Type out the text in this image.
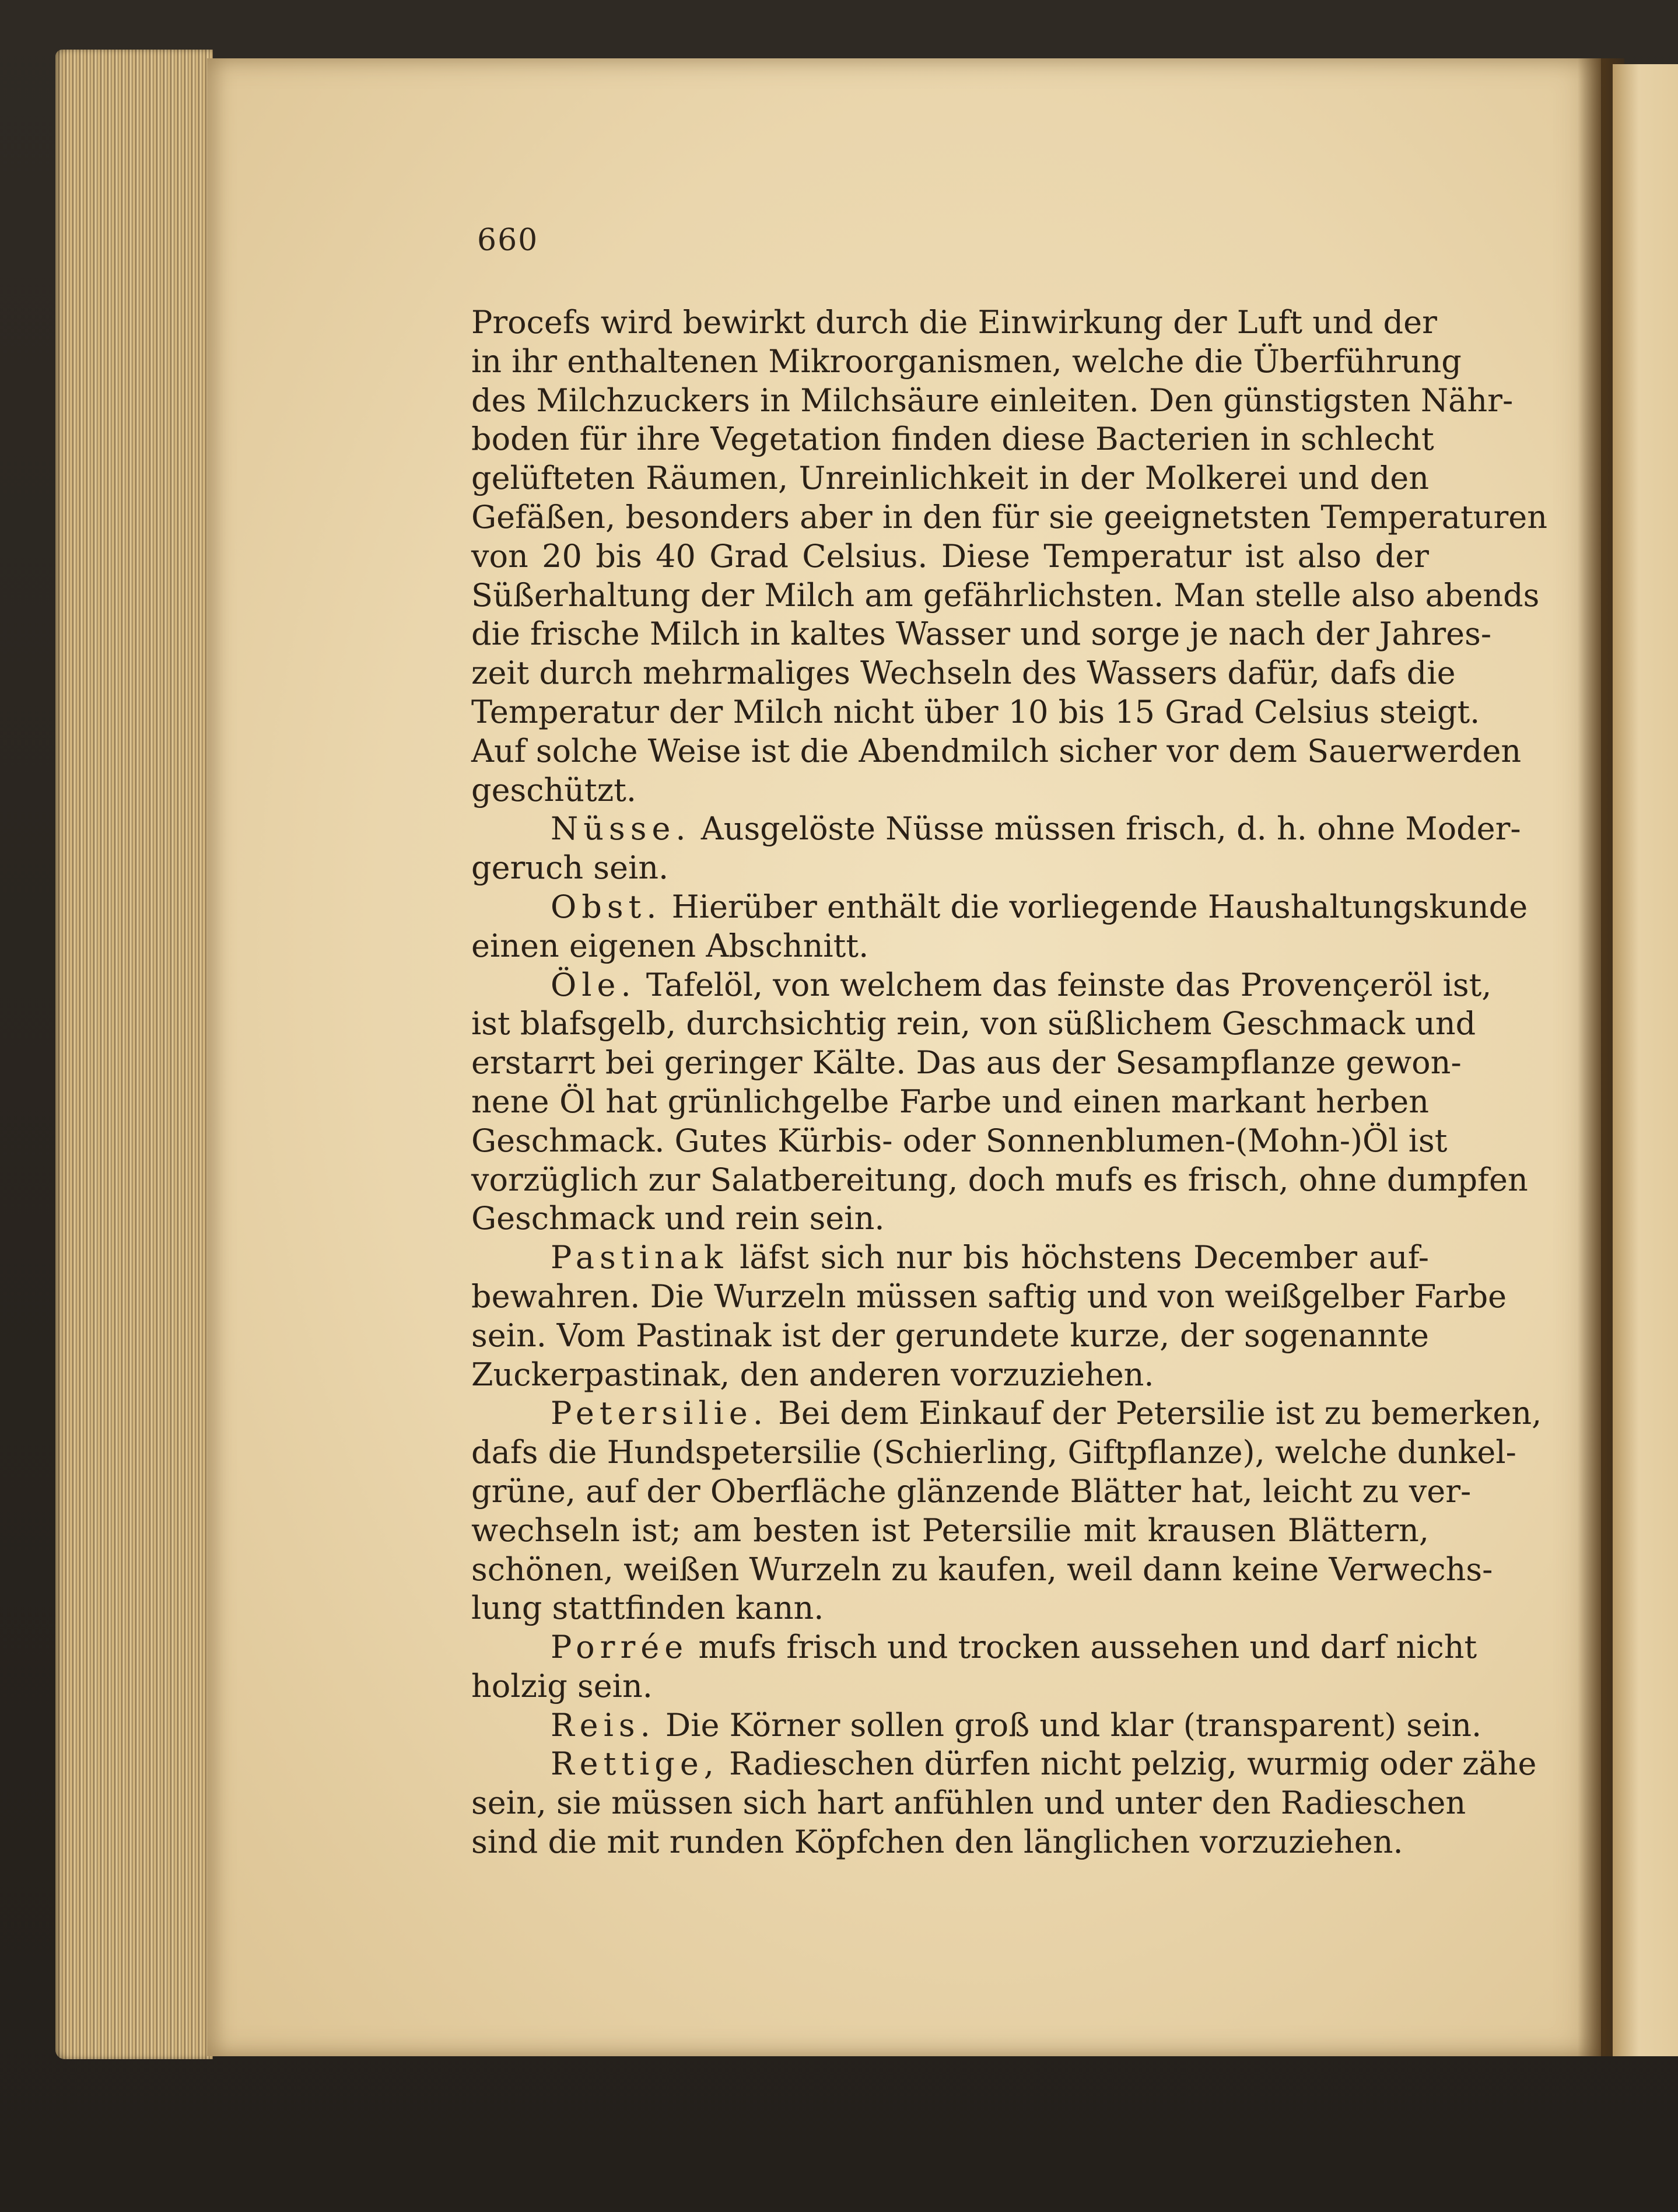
660
Procefs wird bewirkt durch die Einwirkung der Luft und der
in ihr enthaltenen Mikroorganismen, welche die Überführung
des Milchzuckers in Milchsäure einleiten. Den günstigsten Nähr-
boden für ihre Vegetation finden diese Bacterien in schlecht
gelüfteten Räumen, Unreinlichkeit in der Molkerei und den
Gefäßen, besonders aber in den für sie geeignetsten Temperaturen
von 20 bis 40 Grad Celsius. Diese Temperatur ist also der
Süßerhaltung der Milch am gefährlichsten. Man stelle also abends
die frische Milch in kaltes Wasser und sorge je nach der Jahres-
zeit durch mehrmaliges Wechseln des Wassers dafür, dafs die
Temperatur der Milch nicht über 10 bis 15 Grad Celsius steigt.
Auf solche Weise ist die Abendmilch sicher vor dem Sauerwerden
geschützt.
Nüsse. Ausgelöste Nüsse müssen frisch, d. h. ohne Moder-
geruch sein.
Obst. Hierüber enthält die vorliegende Haushaltungskunde
einen eigenen Abschnitt.
Öle. Tafelöl, von welchem das feinste das Provençeröl ist,
ist blafsgelb, durchsichtig rein, von süßlichem Geschmack und
erstarrt bei geringer Kälte. Das aus der Sesampflanze gewon-
nene Öl hat grünlichgelbe Farbe und einen markant herben
Geschmack. Gutes Kürbis- oder Sonnenblumen-(Mohn-)Öl ist
vorzüglich zur Salatbereitung, doch mufs es frisch, ohne dumpfen
Geschmack und rein sein.
Pastinak läfst sich nur bis höchstens December auf-
bewahren. Die Wurzeln müssen saftig und von weißgelber Farbe
sein. Vom Pastinak ist der gerundete kurze, der sogenannte
Zuckerpastinak, den anderen vorzuziehen.
Petersilie. Bei dem Einkauf der Petersilie ist zu bemerken,
dafs die Hundspetersilie (Schierling, Giftpflanze), welche dunkel-
grüne, auf der Oberfläche glänzende Blätter hat, leicht zu ver-
wechseln ist; am besten ist Petersilie mit krausen Blättern,
schönen, weißen Wurzeln zu kaufen, weil dann keine Verwechs-
lung stattfinden kann.
Porrée mufs frisch und trocken aussehen und darf nicht
holzig sein.
Reis. Die Körner sollen groß und klar (transparent) sein.
Rettige, Radieschen dürfen nicht pelzig, wurmig oder zähe
sein, sie müssen sich hart anfühlen und unter den Radieschen
sind die mit runden Köpfchen den länglichen vorzuziehen.
